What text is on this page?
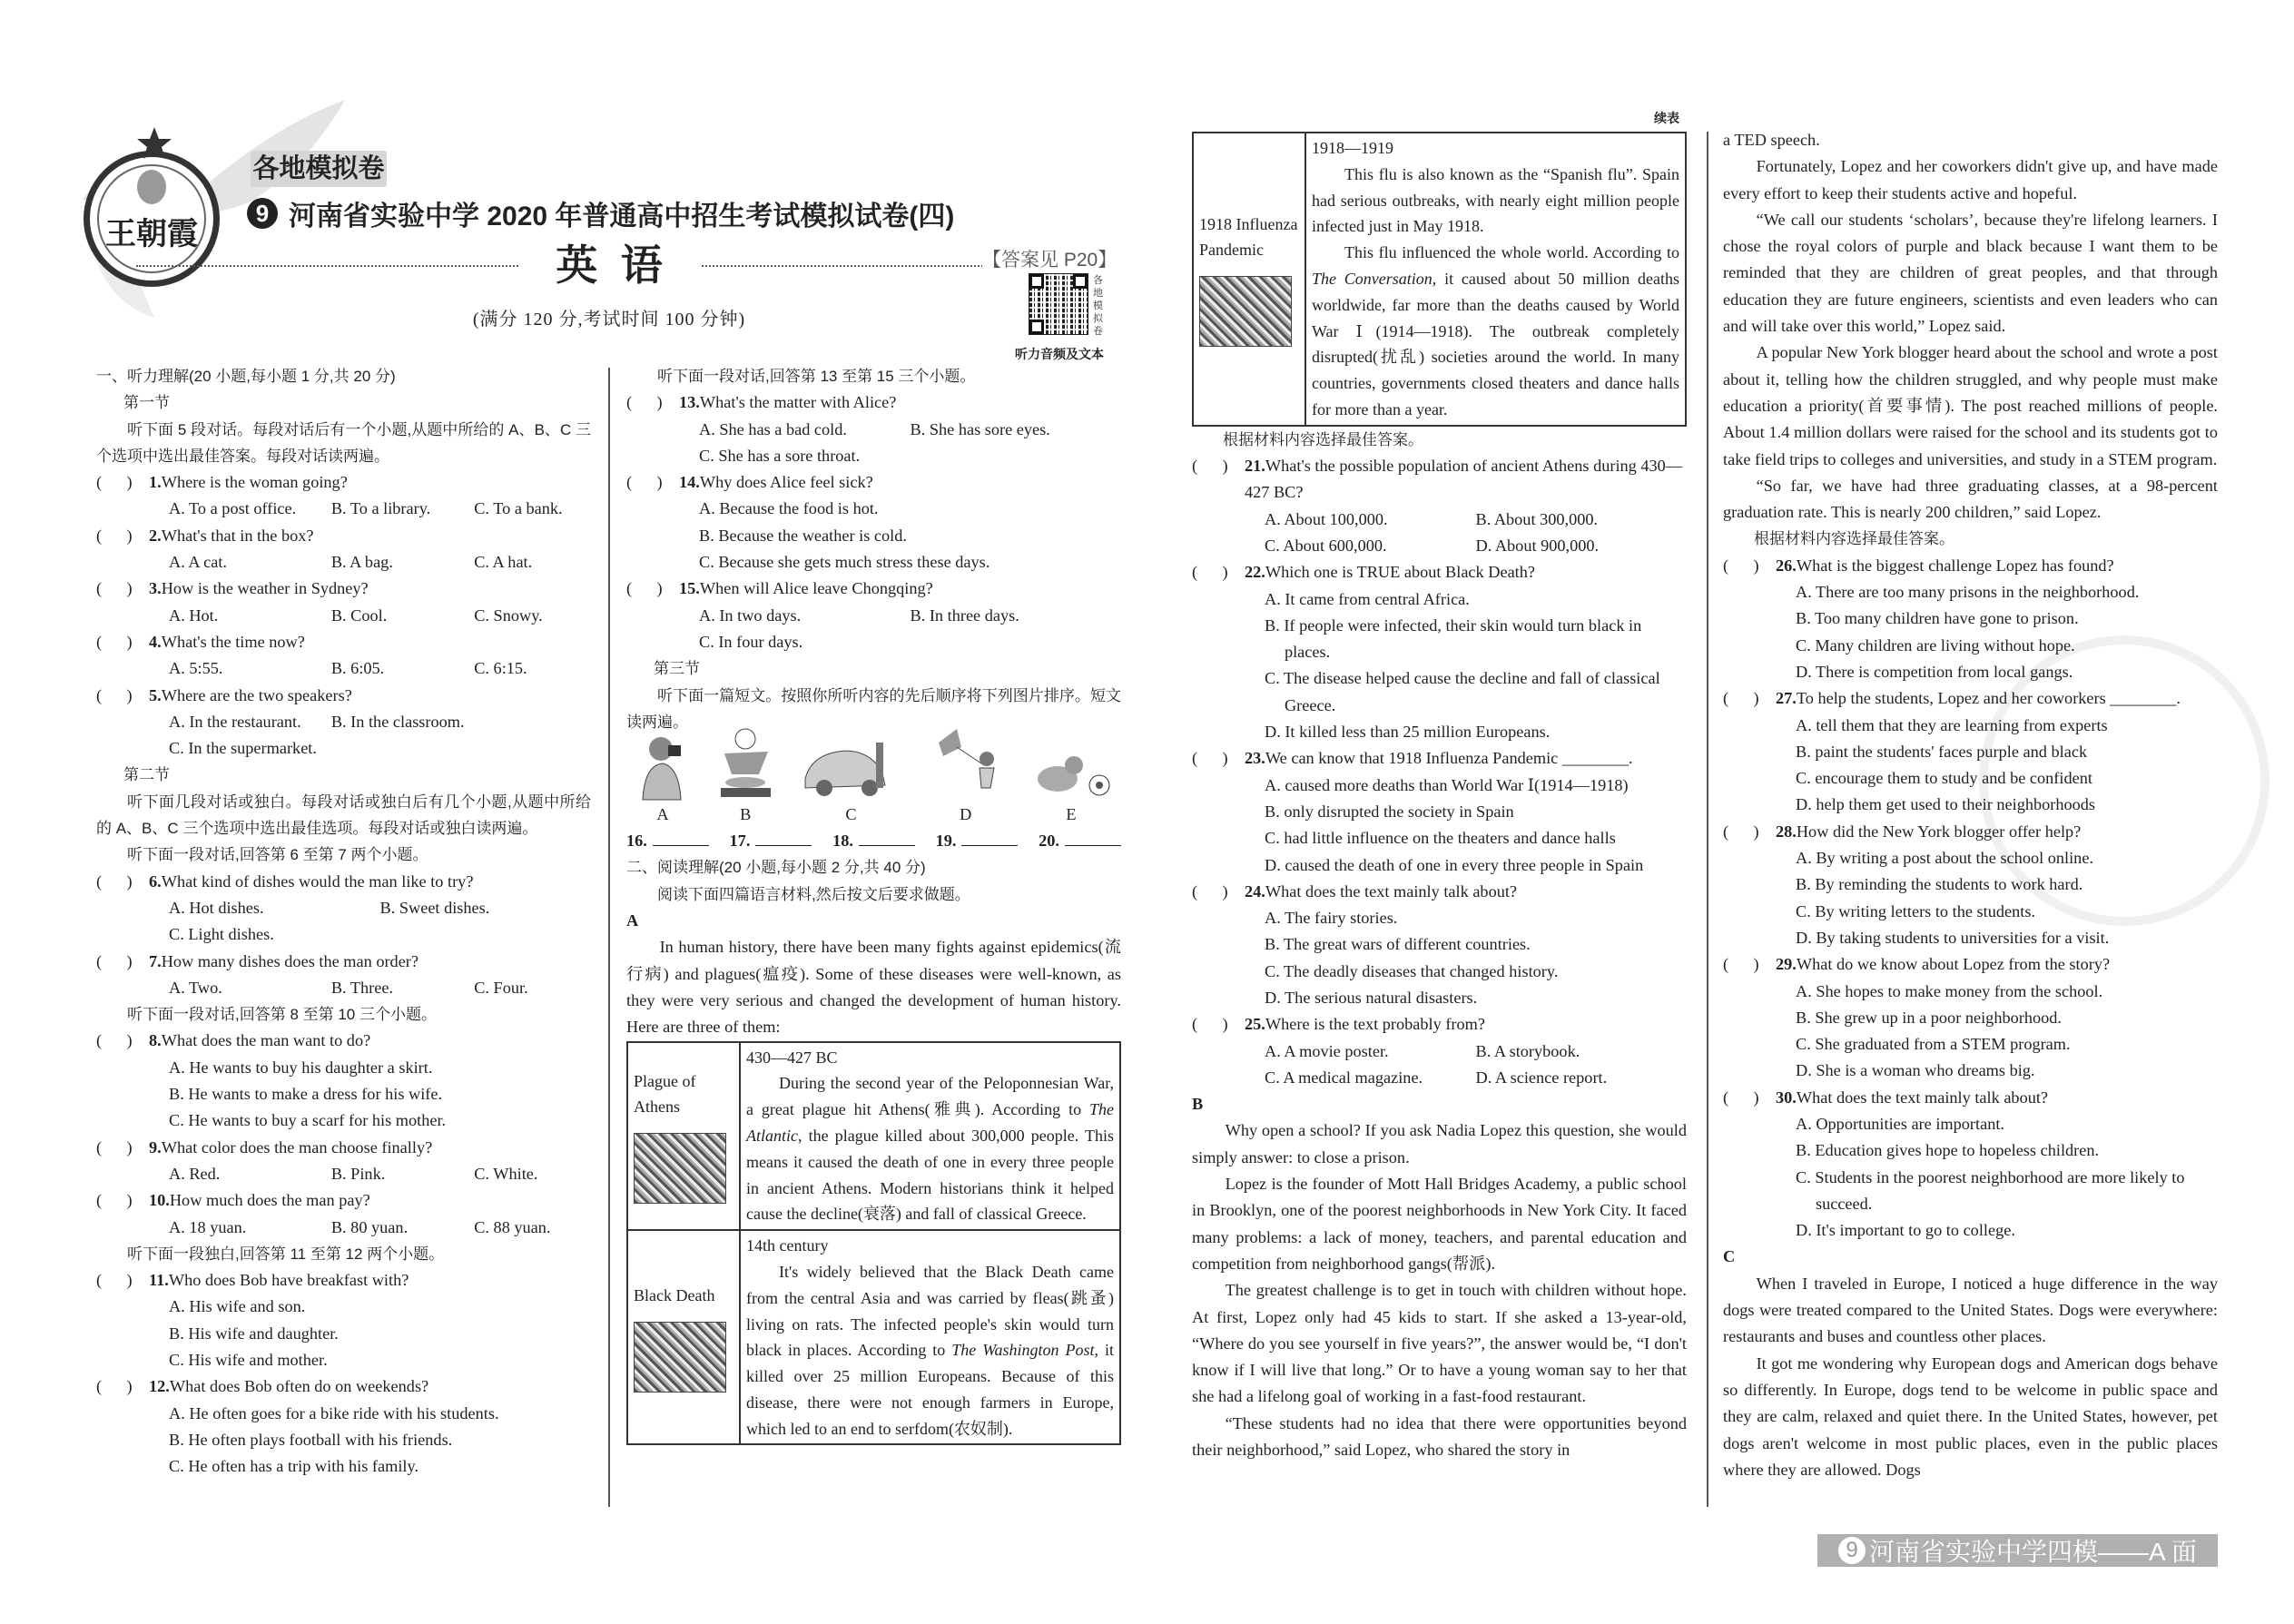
王朝霞
各地模拟卷
9 河南省实验中学 2020 年普通高中招生考试模拟试卷(四)
英  语	【答案见 P20】
(满分 120 分,考试时间 100 分钟)
各地模拟卷
听力音频及文本
续表

一、听力理解(20 小题,每小题 1 分,共 20 分)

第一节

听下面 5 段对话。每段对话后有一个小题,从题中所给的 A、B、C 三个选项中选出最佳答案。每段对话读两遍。

(      )	1.Where is the woman going?
A. To a post office.	B. To a library.	C. To a bank.
(      )	2.What's that in the box?
A. A cat.	B. A bag.	C. A hat.
(      )	3.How is the weather in Sydney?
A. Hot.	B. Cool.	C. Snowy.
(      )	4.What's the time now?
A. 5:55.	B. 6:05.	C. 6:15.
(      )	5.Where are the two speakers?
A. In the restaurant.	B. In the classroom.
C. In the supermarket.

第二节

听下面几段对话或独白。每段对话或独白后有几个小题,从题中所给的 A、B、C 三个选项中选出最佳选项。每段对话或独白读两遍。

听下面一段对话,回答第 6 至第 7 两个小题。

(      )	6.What kind of dishes would the man like to try?
A. Hot dishes.	B. Sweet dishes.
C. Light dishes.
(      )	7.How many dishes does the man order?
A. Two.	B. Three.	C. Four.

听下面一段对话,回答第 8 至第 10 三个小题。

(      )	8.What does the man want to do?
A. He wants to buy his daughter a skirt.
B. He wants to make a dress for his wife.
C. He wants to buy a scarf for his mother.
(      )	9.What color does the man choose finally?
A. Red.	B. Pink.	C. White.
(      )	10.How much does the man pay?
A. 18 yuan.	B. 80 yuan.	C. 88 yuan.

听下面一段独白,回答第 11 至第 12 两个小题。

(      )	11.Who does Bob have breakfast with?
A. His wife and son.
B. His wife and daughter.
C. His wife and mother.
(      )	12.What does Bob often do on weekends?
A. He often goes for a bike ride with his students.
B. He often plays football with his friends.
C. He often has a trip with his family.

听下面一段对话,回答第 13 至第 15 三个小题。

(      )	13.What's the matter with Alice?
A. She has a bad cold.	B. She has sore eyes.
C. She has a sore throat.
(      )	14.Why does Alice feel sick?
A. Because the food is hot.
B. Because the weather is cold.
C. Because she gets much stress these days.
(      )	15.When will Alice leave Chongqing?
A. In two days.	B. In three days.
C. In four days.

第三节

听下面一篇短文。按照你所听内容的先后顺序将下列图片排序。短文读两遍。

A	B	C	D	E
16.	17.	18.	19.	20.

二、阅读理解(20 小题,每小题 2 分,共 40 分)

阅读下面四篇语言材料,然后按文后要求做题。

A

In human history, there have been many fights against epidemics(流行病) and plagues(瘟疫). Some of these diseases were well-known, as they were very serious and changed the development of human history. Here are three of them:

Plague of Athens	430—427 BC

During the second year of the Peloponnesian War, a great plague hit Athens(雅典). According to The Atlantic, the plague killed about 300,000 people. This means it caused the death of one in every three people in ancient Athens. Modern historians think it helped cause the decline(衰落) and fall of classical Greece.

Black Death	14th century

It's widely believed that the Black Death came from the central Asia and was carried by fleas(跳蚤) living on rats. The infected people's skin would turn black in places. According to The Washington Post, it killed over 25 million Europeans. Because of this disease, there were not enough farmers in Europe, which led to an end to serfdom(农奴制).

1918 Influenza Pandemic

1918—1919

This flu is also known as the “Spanish flu”. Spain had serious outbreaks, with nearly eight million people infected just in May 1918.

This flu influenced the whole world. According to The Conversation, it caused about 50 million deaths worldwide, far more than the deaths caused by World War Ⅰ(1914—1918). The outbreak completely disrupted(扰乱) societies around the world. In many countries, governments closed theaters and dance halls for more than a year.

根据材料内容选择最佳答案。

(      )	21.What's the possible population of ancient Athens during 430—427 BC?
A. About 100,000.	B. About 300,000.
C. About 600,000.	D. About 900,000.
(      )	22.Which one is TRUE about Black Death?
A. It came from central Africa.
B. If people were infected, their skin would turn black in places.
C. The disease helped cause the decline and fall of classical Greece.
D. It killed less than 25 million Europeans.
(      )	23.We can know that 1918 Influenza Pandemic ________.
A. caused more deaths than World War Ⅰ(1914—1918)
B. only disrupted the society in Spain
C. had little influence on the theaters and dance halls
D. caused the death of one in every three people in Spain
(      )	24.What does the text mainly talk about?
A. The fairy stories.
B. The great wars of different countries.
C. The deadly diseases that changed history.
D. The serious natural disasters.
(      )	25.Where is the text probably from?
A. A movie poster.	B. A storybook.
C. A medical magazine.	D. A science report.

B

Why open a school? If you ask Nadia Lopez this question, she would simply answer: to close a prison.

Lopez is the founder of Mott Hall Bridges Academy, a public school in Brooklyn, one of the poorest neighborhoods in New York City. It faced many problems: a lack of money, teachers, and parental education and competition from neighborhood gangs(帮派).

The greatest challenge is to get in touch with children without hope. At first, Lopez only had 45 kids to start. If she asked a 13-year-old, “Where do you see yourself in five years?”, the answer would be, “I don't know if I will live that long.” Or to have a young woman say to her that she had a lifelong goal of working in a fast-food restaurant.

“These students had no idea that there were opportunities beyond their neighborhood,” said Lopez, who shared the story in

a TED speech.

Fortunately, Lopez and her coworkers didn't give up, and have made every effort to keep their students active and hopeful.

“We call our students ‘scholars’, because they're lifelong learners. I chose the royal colors of purple and black because I want them to be reminded that they are children of great peoples, and that through education they are future engineers, scientists and even leaders who can and will take over this world,” Lopez said.

A popular New York blogger heard about the school and wrote a post about it, telling how the children struggled, and why people must make education a priority(首要事情). The post reached millions of people. About 1.4 million dollars were raised for the school and its students got to take field trips to colleges and universities, and study in a STEM program.

“So far, we have had three graduating classes, at a 98-percent graduation rate. This is nearly 200 children,” said Lopez.

根据材料内容选择最佳答案。

(      )	26.What is the biggest challenge Lopez has found?
A. There are too many prisons in the neighborhood.
B. Too many children have gone to prison.
C. Many children are living without hope.
D. There is competition from local gangs.
(      )	27.To help the students, Lopez and her coworkers ________.
A. tell them that they are learning from experts
B. paint the students' faces purple and black
C. encourage them to study and be confident
D. help them get used to their neighborhoods
(      )	28.How did the New York blogger offer help?
A. By writing a post about the school online.
B. By reminding the students to work hard.
C. By writing letters to the students.
D. By taking students to universities for a visit.
(      )	29.What do we know about Lopez from the story?
A. She hopes to make money from the school.
B. She grew up in a poor neighborhood.
C. She graduated from a STEM program.
D. She is a woman who dreams big.
(      )	30.What does the text mainly talk about?
A. Opportunities are important.
B. Education gives hope to hopeless children.
C. Students in the poorest neighborhood are more likely to succeed.
D. It's important to go to college.

C

When I traveled in Europe, I noticed a huge difference in the way dogs were treated compared to the United States. Dogs were everywhere: restaurants and buses and countless other places.

It got me wondering why European dogs and American dogs behave so differently. In Europe, dogs tend to be welcome in public space and they are calm, relaxed and quiet there. In the United States, however, pet dogs aren't welcome in most public places, even in the public places where they are allowed. Dogs

9 河南省实验中学四模——A 面
